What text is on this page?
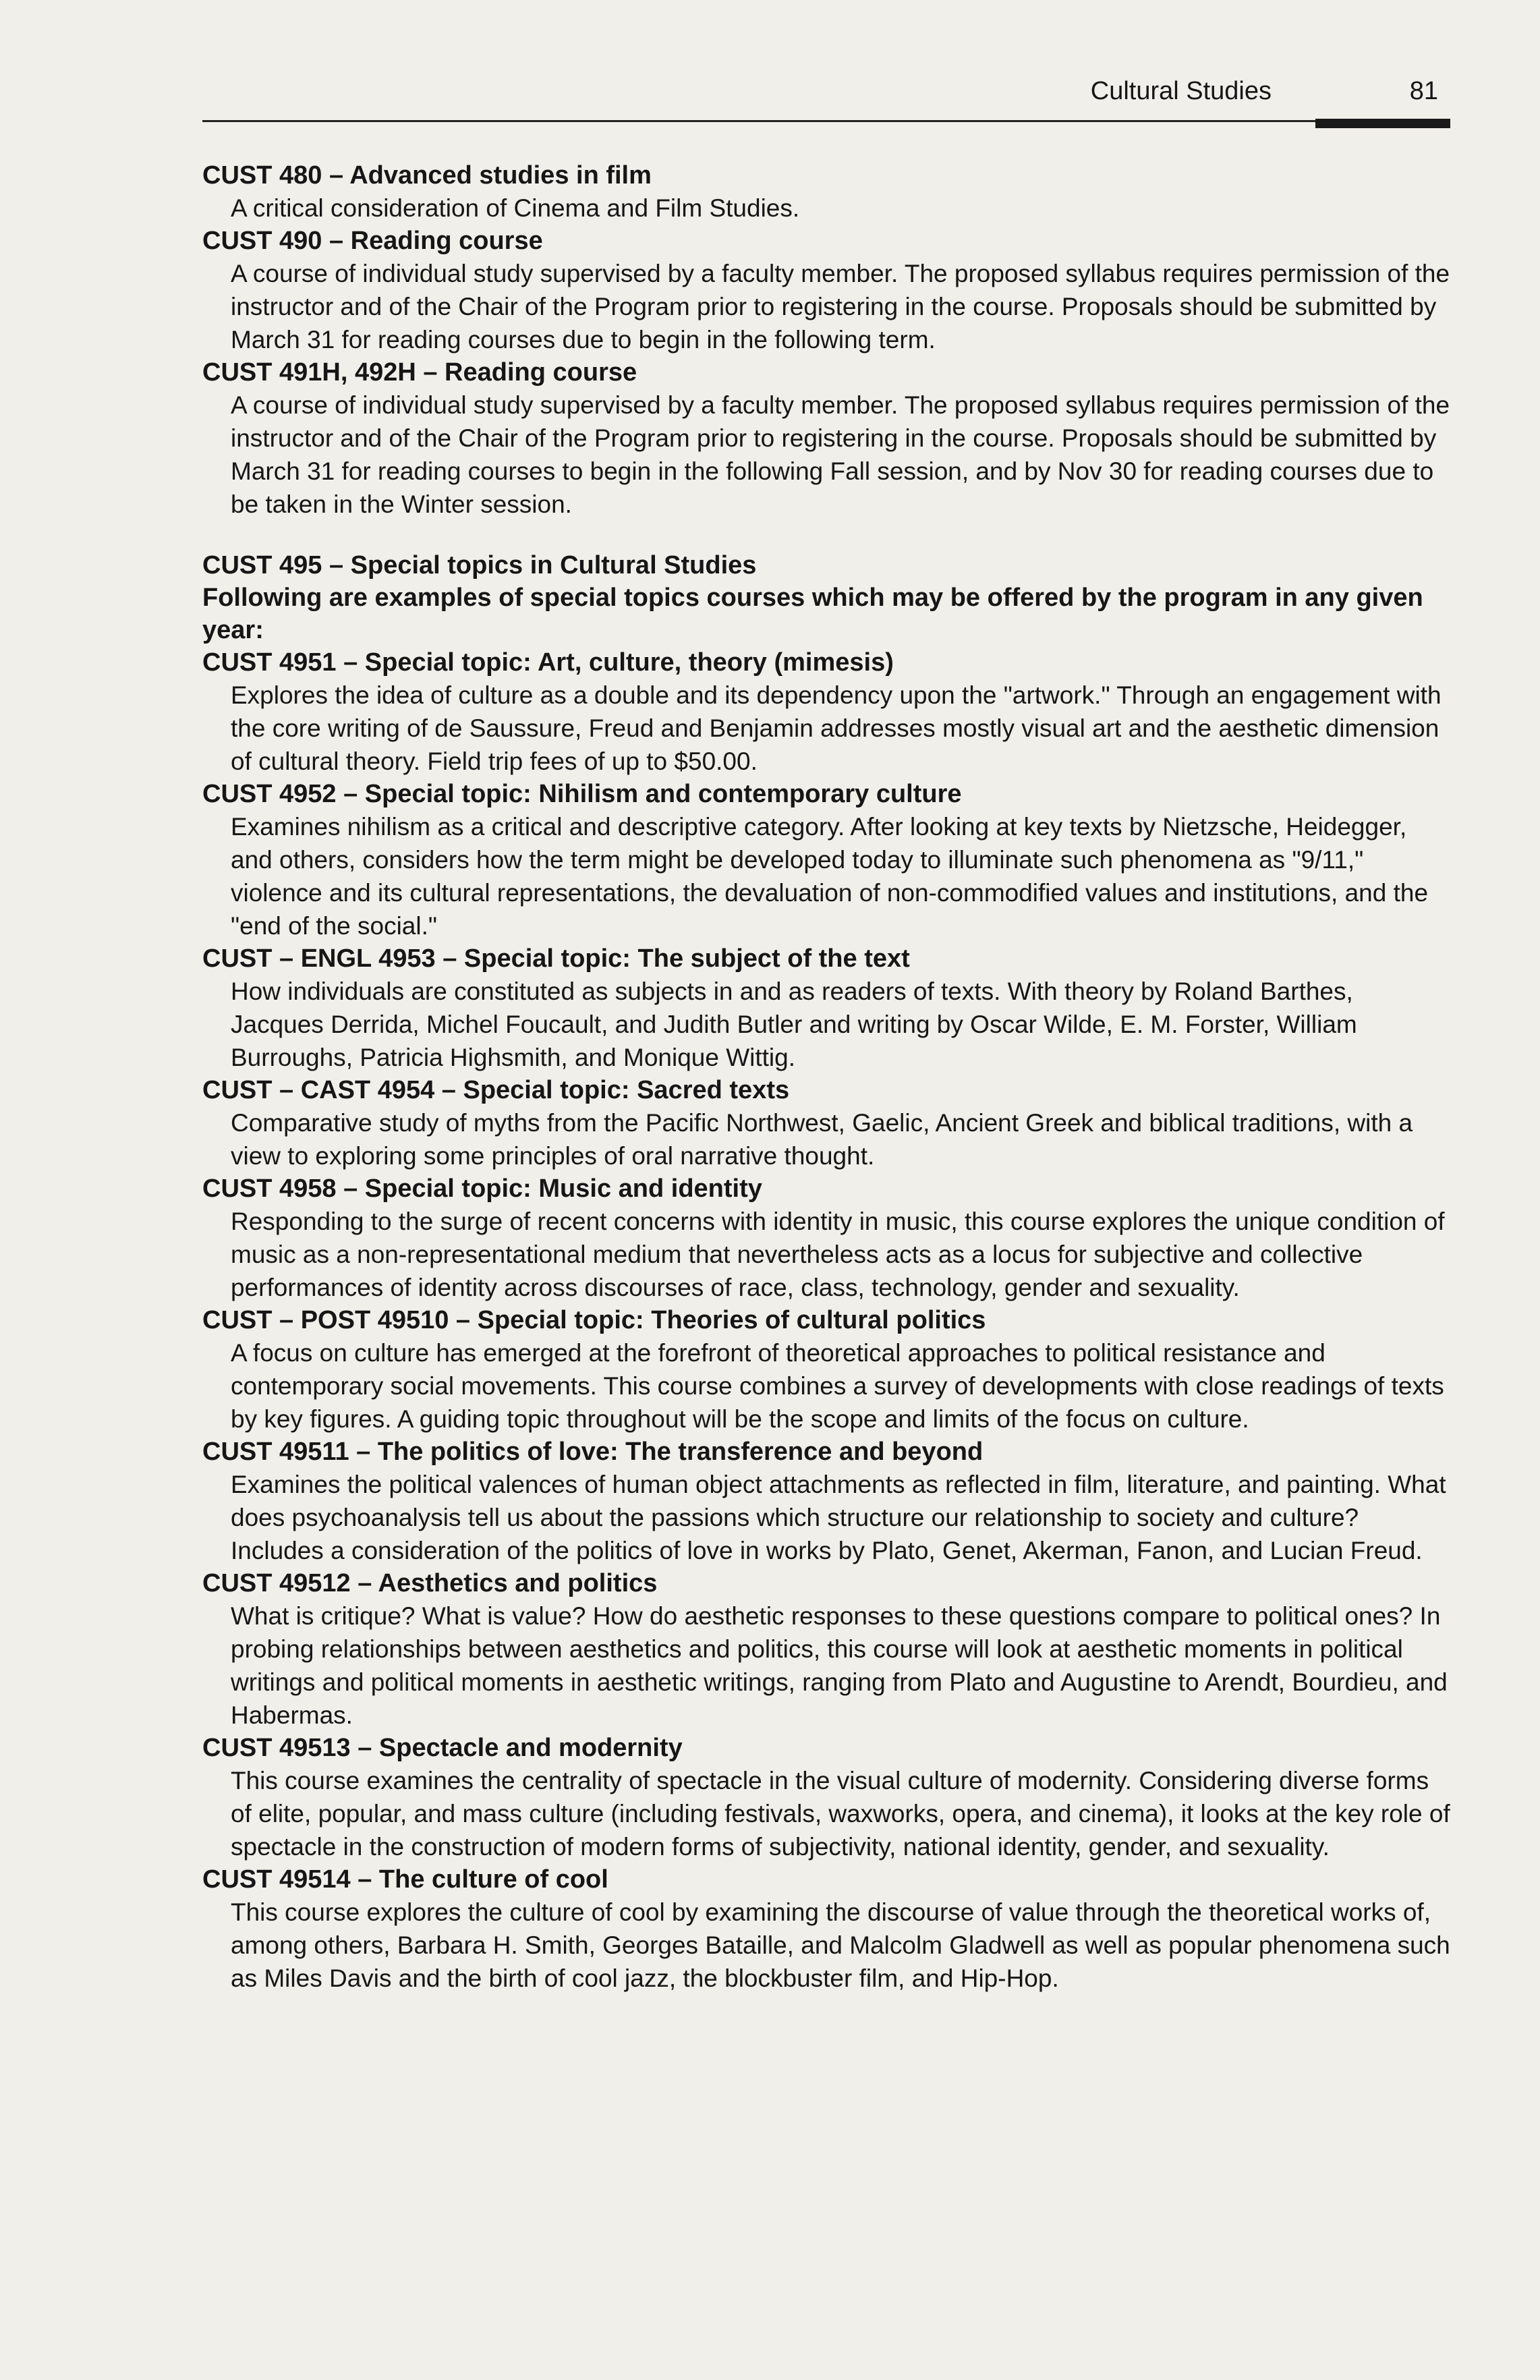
Cultural Studies	81
CUST 480 – Advanced studies in film
A critical consideration of Cinema and Film Studies.
CUST 490 – Reading course
A course of individual study supervised by a faculty member. The proposed syllabus requires permission of the instructor and of the Chair of the Program prior to registering in the course. Proposals should be submitted by March 31 for reading courses due to begin in the following term.
CUST 491H, 492H – Reading course
A course of individual study supervised by a faculty member. The proposed syllabus requires permission of the instructor and of the Chair of the Program prior to registering in the course. Proposals should be submitted by March 31 for reading courses to begin in the following Fall session, and by Nov 30 for reading courses due to be taken in the Winter session.
CUST 495 – Special topics in Cultural Studies
Following are examples of special topics courses which may be offered by the program in any given year:
CUST 4951 – Special topic: Art, culture, theory (mimesis)
Explores the idea of culture as a double and its dependency upon the "artwork." Through an engagement with the core writing of de Saussure, Freud and Benjamin addresses mostly visual art and the aesthetic dimension of cultural theory. Field trip fees of up to $50.00.
CUST 4952 – Special topic: Nihilism and contemporary culture
Examines nihilism as a critical and descriptive category. After looking at key texts by Nietzsche, Heidegger, and others, considers how the term might be developed today to illuminate such phenomena as "9/11," violence and its cultural representations, the devaluation of non-commodified values and institutions, and the "end of the social."
CUST – ENGL 4953 – Special topic: The subject of the text
How individuals are constituted as subjects in and as readers of texts. With theory by Roland Barthes, Jacques Derrida, Michel Foucault, and Judith Butler and writing by Oscar Wilde, E. M. Forster, William Burroughs, Patricia Highsmith, and Monique Wittig.
CUST – CAST 4954 – Special topic: Sacred texts
Comparative study of myths from the Pacific Northwest, Gaelic, Ancient Greek and biblical traditions, with a view to exploring some principles of oral narrative thought.
CUST 4958 – Special topic: Music and identity
Responding to the surge of recent concerns with identity in music, this course explores the unique condition of music as a non-representational medium that nevertheless acts as a locus for subjective and collective performances of identity across discourses of race, class, technology, gender and sexuality.
CUST – POST 49510 – Special topic: Theories of cultural politics
A focus on culture has emerged at the forefront of theoretical approaches to political resistance and contemporary social movements. This course combines a survey of developments with close readings of texts by key figures. A guiding topic throughout will be the scope and limits of the focus on culture.
CUST 49511 – The politics of love: The transference and beyond
Examines the political valences of human object attachments as reflected in film, literature, and painting. What does psychoanalysis tell us about the passions which structure our relationship to society and culture? Includes a consideration of the politics of love in works by Plato, Genet, Akerman, Fanon, and Lucian Freud.
CUST 49512 – Aesthetics and politics
What is critique? What is value? How do aesthetic responses to these questions compare to political ones? In probing relationships between aesthetics and politics, this course will look at aesthetic moments in political writings and political moments in aesthetic writings, ranging from Plato and Augustine to Arendt, Bourdieu, and Habermas.
CUST 49513 – Spectacle and modernity
This course examines the centrality of spectacle in the visual culture of modernity. Considering diverse forms of elite, popular, and mass culture (including festivals, waxworks, opera, and cinema), it looks at the key role of spectacle in the construction of modern forms of subjectivity, national identity, gender, and sexuality.
CUST 49514 – The culture of cool
This course explores the culture of cool by examining the discourse of value through the theoretical works of, among others, Barbara H. Smith, Georges Bataille, and Malcolm Gladwell as well as popular phenomena such as Miles Davis and the birth of cool jazz, the blockbuster film, and Hip-Hop.
